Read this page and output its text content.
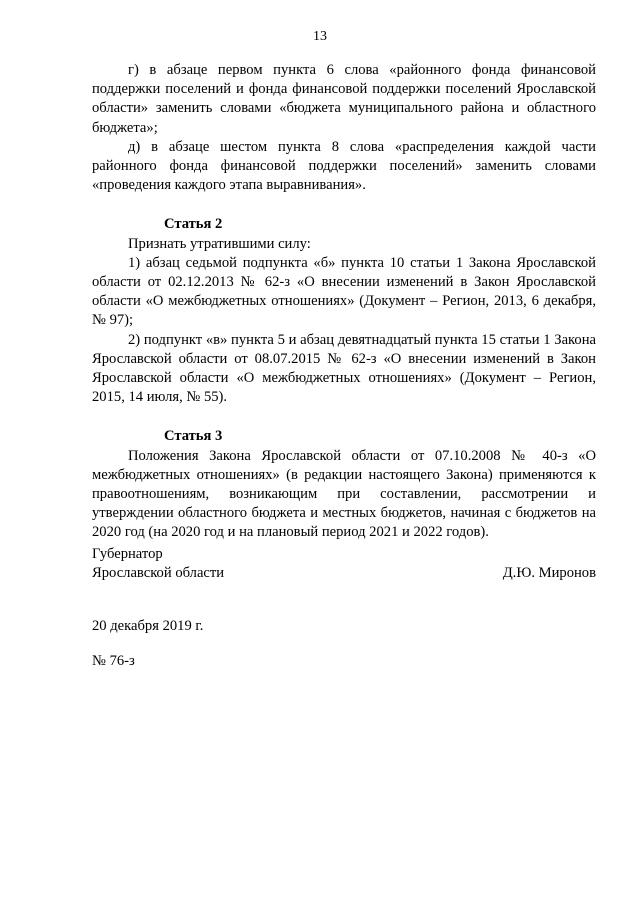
13

г) в абзаце первом пункта 6 слова «районного фонда финансовой поддержки поселений и фонда финансовой поддержки поселений Ярославской области» заменить словами «бюджета муниципального района и областного бюджета»;

д) в абзаце шестом пункта 8 слова «распределения каждой части районного фонда финансовой поддержки поселений» заменить словами «проведения каждого этапа выравнивания».

Статья 2

Признать утратившими силу:

1) абзац седьмой подпункта «б» пункта 10 статьи 1 Закона Ярославской области от 02.12.2013 № 62-з «О внесении изменений в Закон Ярославской области «О межбюджетных отношениях» (Документ – Регион, 2013, 6 декабря, № 97);

2) подпункт «в» пункта 5 и абзац девятнадцатый пункта 15 статьи 1 Закона Ярославской области от 08.07.2015 № 62-з «О внесении изменений в Закон Ярославской области «О межбюджетных отношениях» (Документ – Регион, 2015, 14 июля, № 55).

Статья 3

Положения Закона Ярославской области от 07.10.2008 № 40-з «О межбюджетных отношениях» (в редакции настоящего Закона) применяются к правоотношениям, возникающим при составлении, рассмотрении и утверждении областного бюджета и местных бюджетов, начиная с бюджетов на 2020 год (на 2020 год и на плановый период 2021 и 2022 годов).

Губернатор
Ярославской области	Д.Ю. Миронов
20 декабря 2019 г.
№ 76-з
